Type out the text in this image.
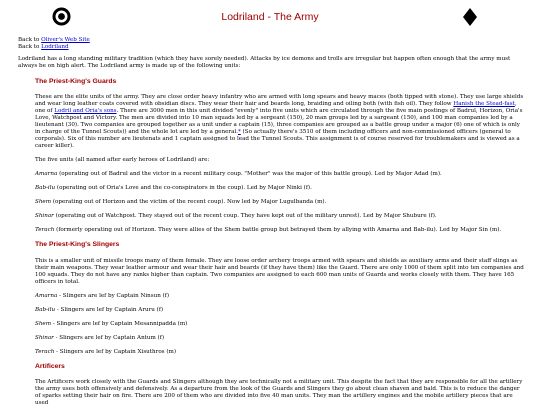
Lodriland - The Army
Back to Oliver's Web Site
Back to Lodriland

Lodriland has a long standing military tradition (which they have sorely needed). Attacks by ice demons and trolls are irregular but happen often enough that the army must always be on high alert. The Lodriland army is made up of the following units:

The Priest-King's Guards

These are the elite units of the army. They are close order heavy infantry who are armed with long spears and heavy maces (both tipped with stone). They use large shields and wear long leather coats covered with obsidian discs. They wear their hair and beards long, braiding and oiling both (with fish oil). They follow Hanish the Stead-fast, one of Lodril and Oria's sons. There are 3000 men in this unit divided "evenly" into five units which are circulated through the five main postings of Badrul, Horizon, Oria's Love, Watchpost and Victory. The men are divided into 10 man squads led by a sergeant (150), 20 man groups led by a sargeant (150), and 100 man companies led by a lieutenant (30). Two companies are grouped together as a unit under a captain (15), three companies are grouped as a battle group under a major (6) one of which is only in charge of the Tunnel Scouts)) and the whole lot are led by a general.* (So actually there's 3510 of them including officers and non-commissioned officers (general to corporals). Six of this number are lieutenats and 1 captain assigned to lead the Tunnel Scouts. This assignment is of course reserved for troublemakers and is viewed as a career killer).

The five units (all named after early heroes of Lodriland) are:

Amarna (operating out of Badrul and the victor in a recent military coup. "Mother" was the major of this battle group). Led by Major Adad (m).

Bab-ilu (operating out of Oria's Love and the co-conspirators in the coup). Led by Major Ninki (f).

Shem (operating out of Horizon and the victim of the recent coup). Now led by Major Lugulbanda (m).

Shinar (operating out of Watchpost. They stayed out of the recent coup. They have kept out of the military unrest). Led by Major Shubure (f).

Terach (formerly operating out of Horizon. They were allies of the Shem battle group but betrayed them by allying with Amarna and Bab-ilu). Led by Major Sin (m).

The Priest-King's Slingers

This is a smaller unit of missile troops many of them female. They are loose order archery troops armed with spears and shields as auxiliary arms and their staff slings as their main weapons. They wear leather armour and wear their hair and beards (if they have them) like the Guard. There are only 1000 of them split into ten companies and 100 squads. They do not have any ranks higher than captain. Two companies are assigned to each 600 man units of Guards and works closely with them. They have 165 officers in total.

Amarna - Slingers are lef by Captain Ninsun (f)

Bab-ilu - Slingers are lef by Captain Aruru (f)

Shem - Slingers are lef by Captain Mesannipadda (m)

Shinar - Slingers are lef by Captain Antum (f)

Terach - Slingers are lef by Captain Xisuthros (m)

Artificers

The Artificers work closely with the Guards and Slingers although they are technically not a military unit. This despite the fact that they are responsible for all the artillery the army uses both offensively and defensively. As a departure from the look of the Guards and Slingers they go about clean shaven and bald. This is to reduce the danger of sparks setting their hair on fire. There are 200 of them who are divided into five 40 man units. They man the artillery engines and the mobile artillery pieces that are used
